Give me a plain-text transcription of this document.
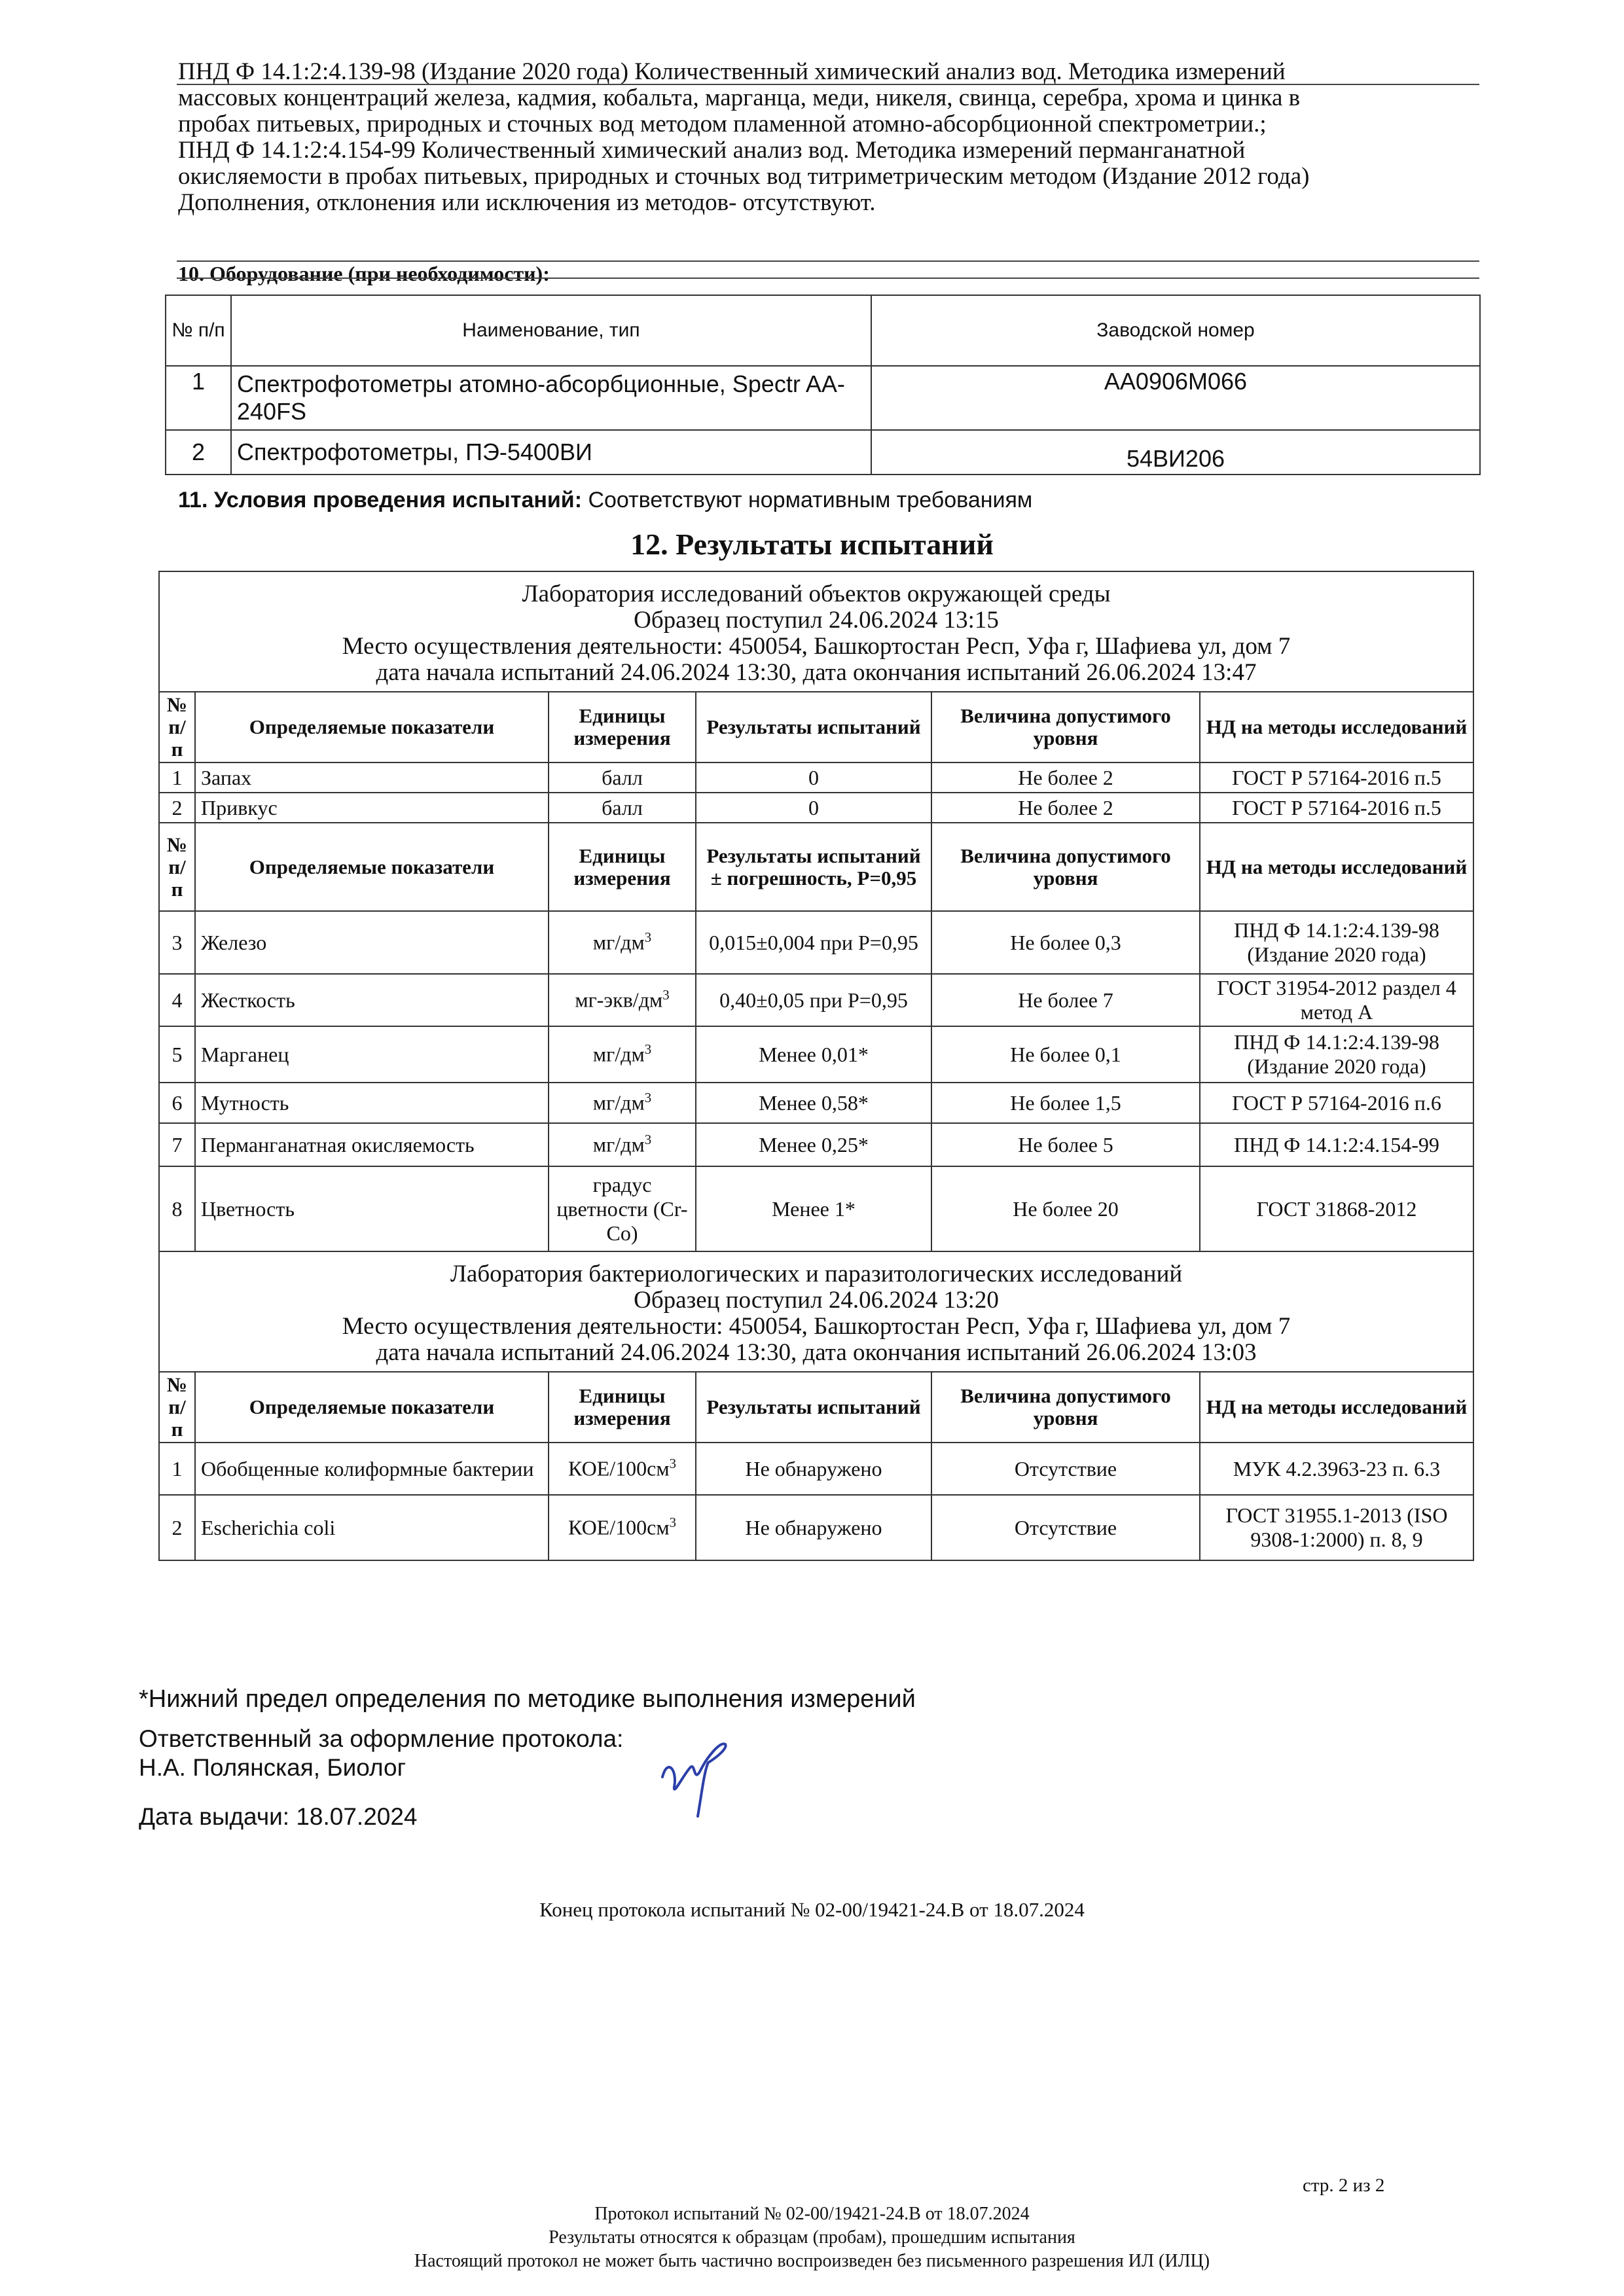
ПНД Ф 14.1:2:4.139-98 (Издание 2020 года) Количественный химический анализ вод. Методика измерений
массовых концентраций железа, кадмия, кобальта, марганца, меди, никеля, свинца, серебра, хрома и цинка в
пробах питьевых, природных и сточных вод методом пламенной атомно-абсорбционной спектрометрии.;
ПНД Ф 14.1:2:4.154-99 Количественный химический анализ вод. Методика измерений перманганатной
окисляемости в пробах питьевых, природных и сточных вод титриметрическим методом (Издание 2012 года)
Дополнения, отклонения или исключения из методов- отсутствуют.
10. Оборудование (при необходимости):
№ п/п	Наименование, тип	Заводской номер
1	Спектрофотометры атомно-абсорбционные, Spectr AA-240FS	AA0906M066
2	Спектрофотометры, ПЭ-5400ВИ	54ВИ206
11. Условия проведения испытаний: Соответствуют нормативным требованиям
12. Результаты испытаний
Лаборатория исследований объектов окружающей среды
Образец поступил 24.06.2024 13:15
Место осуществления деятельности: 450054, Башкортостан Респ, Уфа г, Шафиева ул, дом 7
дата начала испытаний 24.06.2024 13:30, дата окончания испытаний 26.06.2024 13:47					

№ п/п	Определяемые показатели	Единицы измерения	Результаты испытаний	Величина допустимого уровня	НД на методы исследований
1	Запах	балл	0	Не более 2	ГОСТ Р 57164-2016 п.5
2	Привкус	балл	0	Не более 2	ГОСТ Р 57164-2016 п.5
№ п/п	Определяемые показатели	Единицы измерения	Результаты испытаний ± погрешность, Р=0,95	Величина допустимого уровня	НД на методы исследований
3	Железо	$мг/дм^3$	0,015±0,004 при Р=0,95	Не более 0,3	ПНД Ф 14.1:2:4.139-98 (Издание 2020 года)
4	Жесткость	$мг-экв/дм^3$	0,40±0,05 при Р=0,95	Не более 7	ГОСТ 31954-2012 раздел 4 метод А
5	Марганец	$мг/дм^3$	Менее 0,01*	Не более 0,1	ПНД Ф 14.1:2:4.139-98 (Издание 2020 года)
6	Мутность	$мг/дм^3$	Менее 0,58*	Не более 1,5	ГОСТ Р 57164-2016 п.6
7	Перманганатная окисляемость	$мг/дм^3$	Менее 0,25*	Не более 5	ПНД Ф 14.1:2:4.154-99
8	Цветность	градус цветности (Cr-Co)	Менее 1*	Не более 20	ГОСТ 31868-2012

Лаборатория бактериологических и паразитологических исследований
Образец поступил 24.06.2024 13:20
Место осуществления деятельности: 450054, Башкортостан Респ, Уфа г, Шафиева ул, дом 7
дата начала испытаний 24.06.2024 13:30, дата окончания испытаний 26.06.2024 13:03					

№ п/п	Определяемые показатели	Единицы измерения	Результаты испытаний	Величина допустимого уровня	НД на методы исследований
1	Обобщенные колиформные бактерии	КОЕ/$100см^3$	Не обнаружено	Отсутствие	МУК 4.2.3963-23 п. 6.3
2	Escherichia coli	КОЕ/$100см^3$	Не обнаружено	Отсутствие	ГОСТ 31955.1-2013 (ISO 9308-1:2000) п. 8, 9
*Нижний предел определения по методике выполнения измерений
Ответственный за оформление протокола:
Н.А. Полянская, Биолог
Дата выдачи: 18.07.2024
Конец протокола испытаний № 02-00/19421-24.В от 18.07.2024
стр. 2 из 2
Протокол испытаний № 02-00/19421-24.В от 18.07.2024
Результаты относятся к образцам (пробам), прошедшим испытания
Настоящий протокол не может быть частично воспроизведен без письменного разрешения ИЛ (ИЛЦ)
